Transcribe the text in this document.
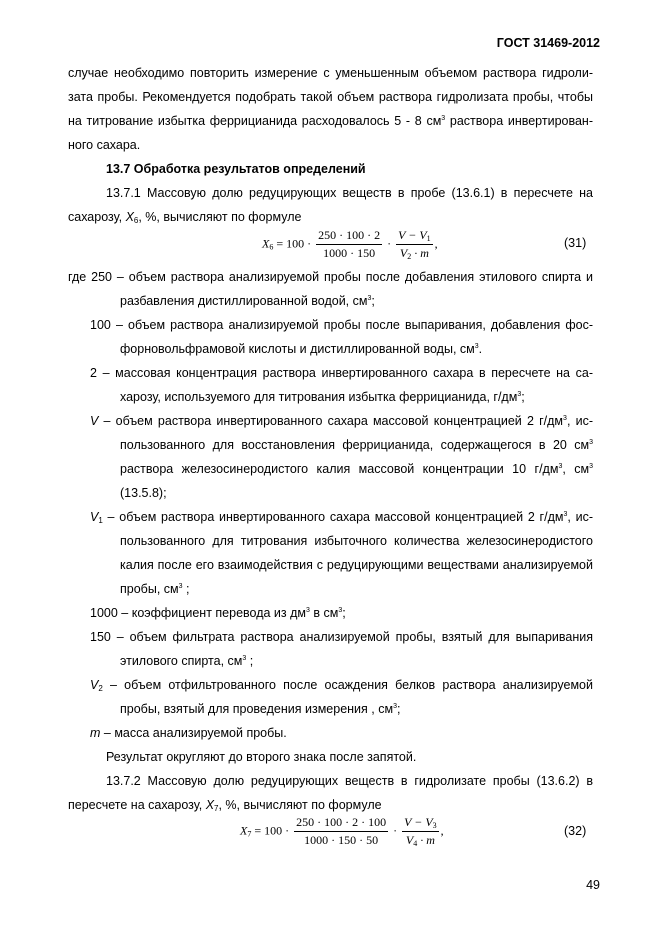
ГОСТ 31469-2012
случае необходимо повторить измерение с уменьшенным объемом раствора гидроли-
зата пробы. Рекомендуется подобрать такой объем раствора гидролизата пробы, чтобы
на титрование избытка феррицианида расходовалось 5 - 8 $см^3$ раствора инвертирован-
ного сахара.
13.7 Обработка результатов определений
13.7.1 Массовую долю редуцирующих веществ в пробе (13.6.1) в пересчете на
сахарозу, $X_6$, %, вычисляют по формуле
$X_6 = 100 \cdot \frac{250 \cdot 100 \cdot 2}{1000 \cdot 150} \cdot \frac{V - V_1}{V_2 \cdot m}$ ,	(31)
где 250 – объем раствора анализируемой пробы после добавления этилового спирта и
разбавления дистиллированной водой, $см^3$;
100 – объем раствора анализируемой пробы после выпаривания, добавления фос-
форновольфрамовой кислоты и дистиллированной воды, $см^3$.
2 – массовая концентрация раствора инвертированного сахара в пересчете на са-
харозу, используемого для титрования избытка феррицианида, $г/дм^3$;
V – объем раствора инвертированного сахара массовой концентрацией 2 $г/дм^3$, ис-
пользованного для восстановления феррицианида, содержащегося в 20 $см^3$
раствора железосинеродистого калия массовой концентрации 10 $г/дм^3$, $см^3$
(13.5.8);
$V_1$ – объем раствора инвертированного сахара массовой концентрацией 2 $г/дм^3$, ис-
пользованного для титрования избыточного количества железосинеродистого
калия после его взаимодействия с редуцирующими веществами анализируемой
пробы, $см^3$ ;
1000 – коэффициент перевода из $дм^3$ в $см^3$;
150 – объем фильтрата раствора анализируемой пробы, взятый для выпаривания
этилового спирта, $см^3$ ;
$V_2$ – объем отфильтрованного после осаждения белков раствора анализируемой
пробы, взятый для проведения измерения , $см^3$;
m – масса анализируемой пробы.
Результат округляют до второго знака после запятой.
13.7.2 Массовую долю редуцирующих веществ в гидролизате пробы (13.6.2) в
пересчете на сахарозу, $X_7$, %, вычисляют по формуле
$X_7 = 100 \cdot \frac{250 \cdot 100 \cdot 2 \cdot 100}{1000 \cdot 150 \cdot 50} \cdot \frac{V - V_3}{V_4 \cdot m}$ ,	(32)
49
